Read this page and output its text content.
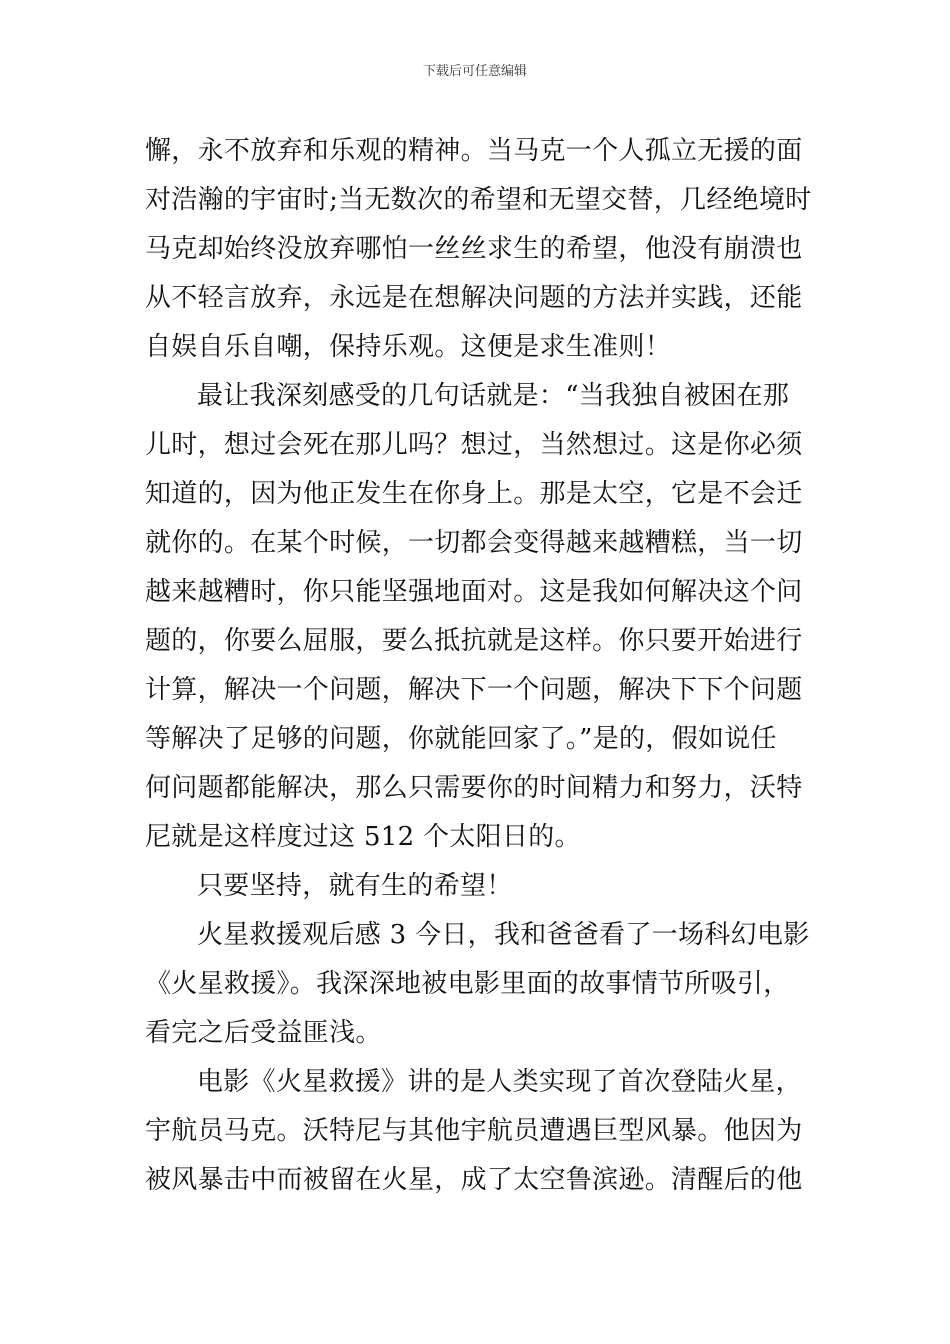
下载后可任意编辑
懈，永不放弃和乐观的精神。当马克一个人孤立无援的面
对浩瀚的宇宙时;当无数次的希望和无望交替，几经绝境时
马克却始终没放弃哪怕一丝丝求生的希望，他没有崩溃也
从不轻言放弃，永远是在想解决问题的方法并实践，还能
自娱自乐自嘲，保持乐观。这便是求生准则！
最让我深刻感受的几句话就是：“当我独自被困在那
儿时，想过会死在那儿吗？想过，当然想过。这是你必须
知道的，因为他正发生在你身上。那是太空，它是不会迁
就你的。在某个时候，一切都会变得越来越糟糕，当一切
越来越糟时，你只能坚强地面对。这是我如何解决这个问
题的，你要么屈服，要么抵抗就是这样。你只要开始进行
计算，解决一个问题，解决下一个问题，解决下下个问题
等解决了足够的问题，你就能回家了。”是的，假如说任
何问题都能解决，那么只需要你的时间精力和努力，沃特
尼就是这样度过这 512 个太阳日的。
只要坚持，就有生的希望！
火星救援观后感 3 今日，我和爸爸看了一场科幻电影
《火星救援》。我深深地被电影里面的故事情节所吸引，
看完之后受益匪浅。
电影《火星救援》讲的是人类实现了首次登陆火星，
宇航员马克。沃特尼与其他宇航员遭遇巨型风暴。他因为
被风暴击中而被留在火星，成了太空鲁滨逊。清醒后的他
